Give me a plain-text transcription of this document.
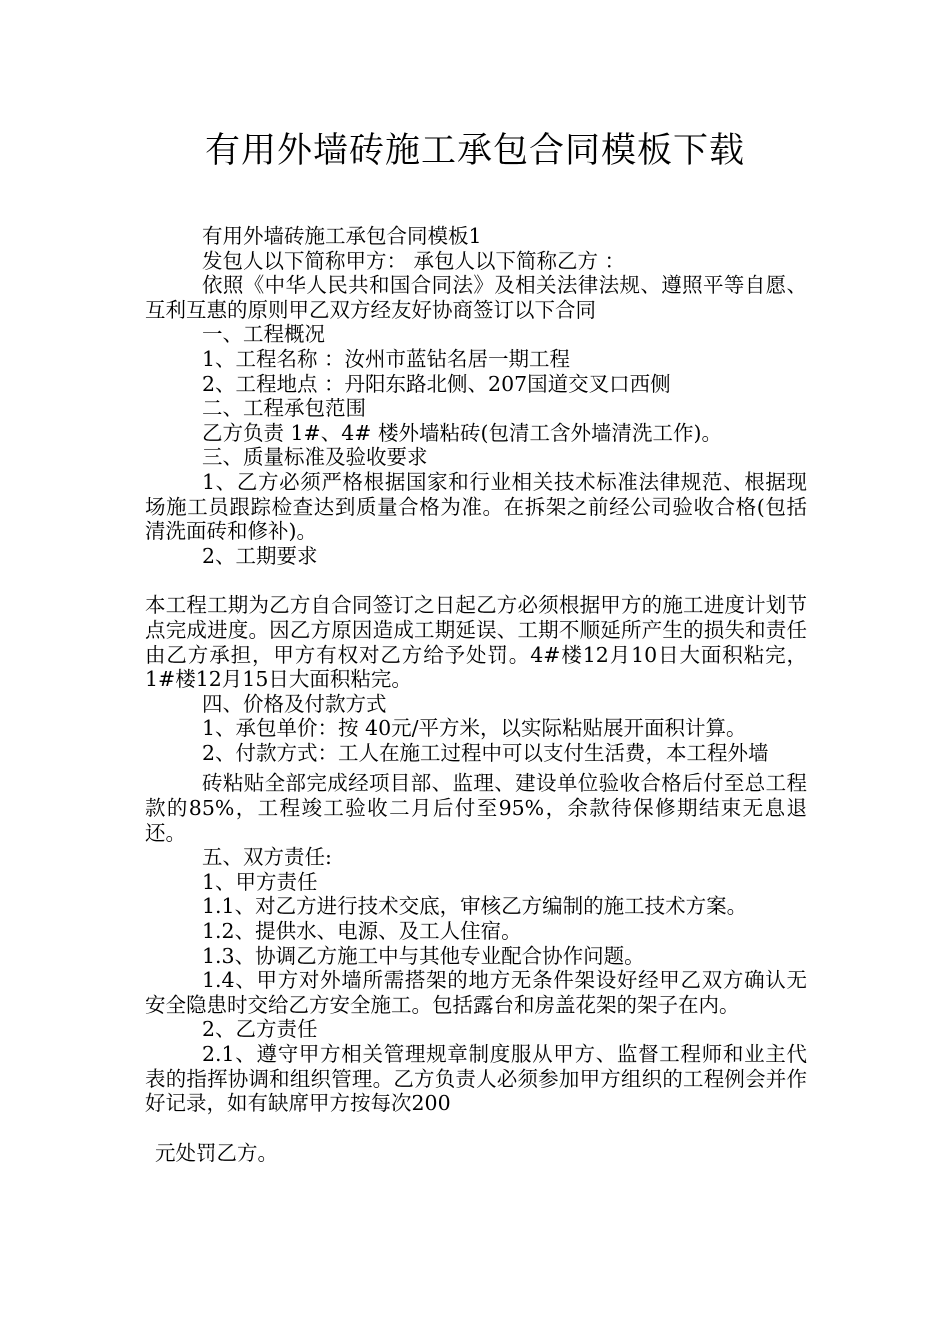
有用外墙砖施工承包合同模板下载

有用外墙砖施工承包合同模板1

发包人以下简称甲方： 承包人以下简称乙方 ：

依照《中华人民共和国合同法》及相关法律法规、遵照平等自愿、互利互惠的原则甲乙双方经友好协商签订以下合同

一、工程概况

1、工程名称 ：汝州市蓝钻名居一期工程

2、工程地点 ：丹阳东路北侧、207国道交叉口西侧

二、工程承包范围

乙方负责 1#、4# 楼外墙粘砖(包清工含外墙清洗工作)。

三、质量标准及验收要求

1、乙方必须严格根据国家和行业相关技术标准法律规范、根据现场施工员跟踪检查达到质量合格为准。在拆架之前经公司验收合格(包括清洗面砖和修补)。

2、工期要求

本工程工期为乙方自合同签订之日起乙方必须根据甲方的施工进度计划节点完成进度。因乙方原因造成工期延误、工期不顺延所产生的损失和责任由乙方承担，甲方有权对乙方给予处罚。4#楼12月10日大面积粘完，1#楼12月15日大面积粘完。

四、价格及付款方式

1、承包单价：按 40元/平方米，以实际粘贴展开面积计算。

2、付款方式：工人在施工过程中可以支付生活费，本工程外墙

砖粘贴全部完成经项目部、监理、建设单位验收合格后付至总工程款的85%，工程竣工验收二月后付至95%，余款待保修期结束无息退还。

五、双方责任:

1、甲方责任

1.1、对乙方进行技术交底，审核乙方编制的施工技术方案。

1.2、提供水、电源、及工人住宿。

1.3、协调乙方施工中与其他专业配合协作问题。

1.4、甲方对外墙所需搭架的地方无条件架设好经甲乙双方确认无安全隐患时交给乙方安全施工。包括露台和房盖花架的架子在内。

2、乙方责任

2.1、遵守甲方相关管理规章制度服从甲方、监督工程师和业主代表的指挥协调和组织管理。乙方负责人必须参加甲方组织的工程例会并作好记录，如有缺席甲方按每次200

元处罚乙方。
